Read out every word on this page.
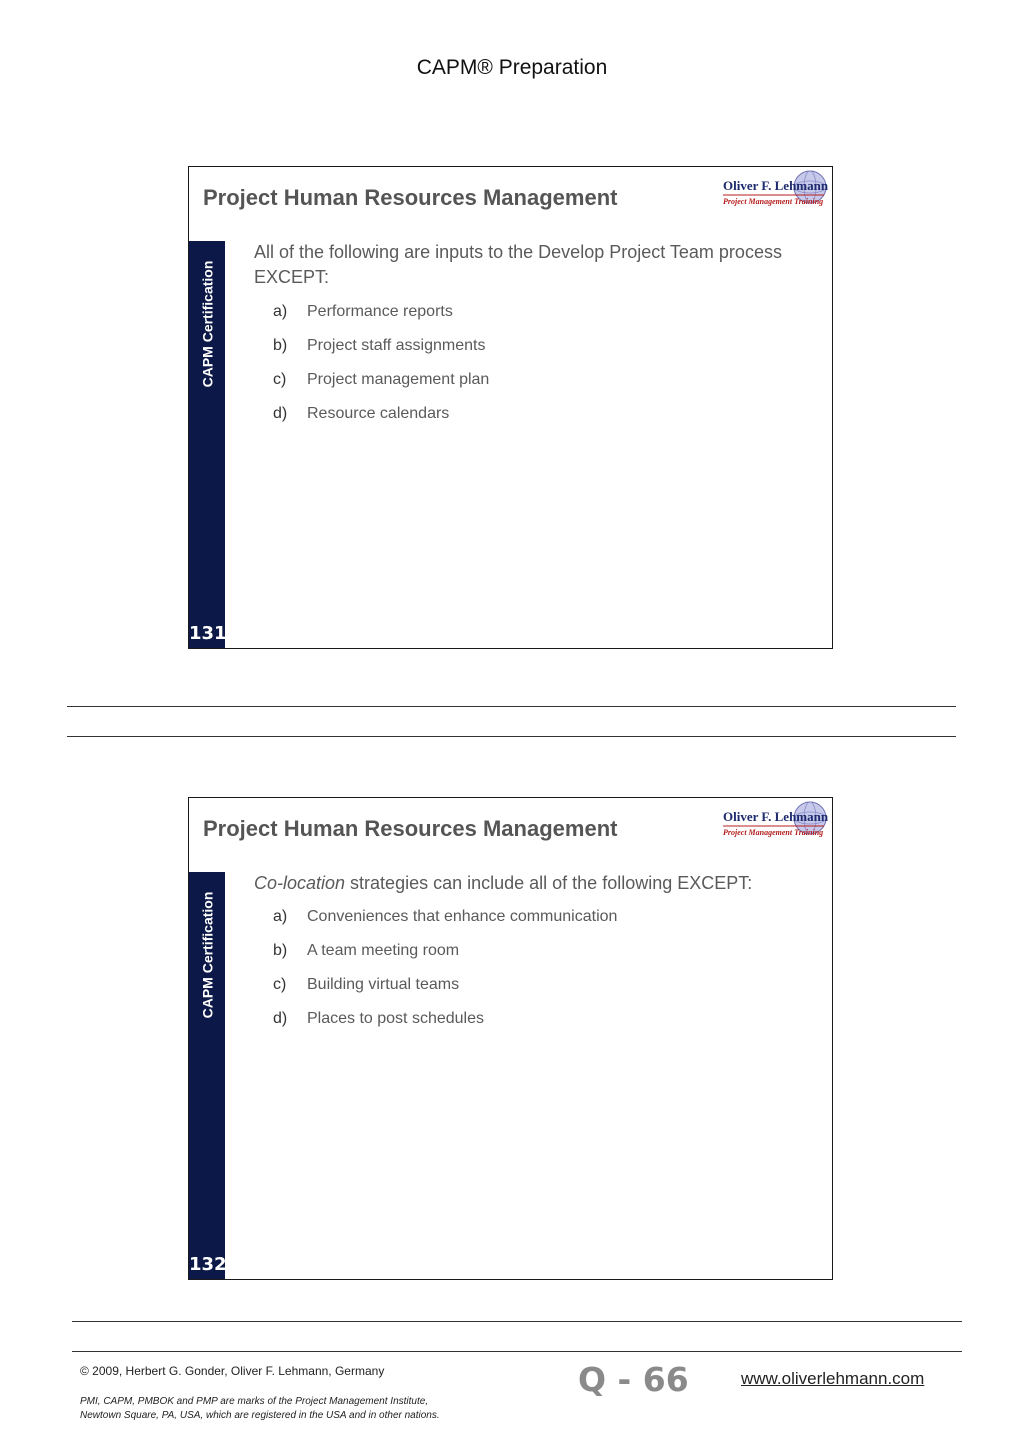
CAPM® Preparation
Project Human Resources Management	Oliver F. Lehmann
Project Management Training
CAPM Certification
131
All of the following are inputs to the Develop Project Team process EXCEPT:
a)	Performance reports
b)	Project staff assignments
c)	Project management plan
d)	Resource calendars
Project Human Resources Management	Oliver F. Lehmann
Project Management Training
CAPM Certification
132
Co-location strategies can include all of the following EXCEPT:
a)	Conveniences that enhance communication
b)	A team meeting room
c)	Building virtual teams
d)	Places to post schedules
© 2009, Herbert G. Gonder, Oliver F. Lehmann, Germany
PMI, CAPM, PMBOK and PMP are marks of the Project Management Institute,
Newtown Square, PA, USA, which are registered in the USA and in other nations.
Q - 66	www.oliverlehmann.com
